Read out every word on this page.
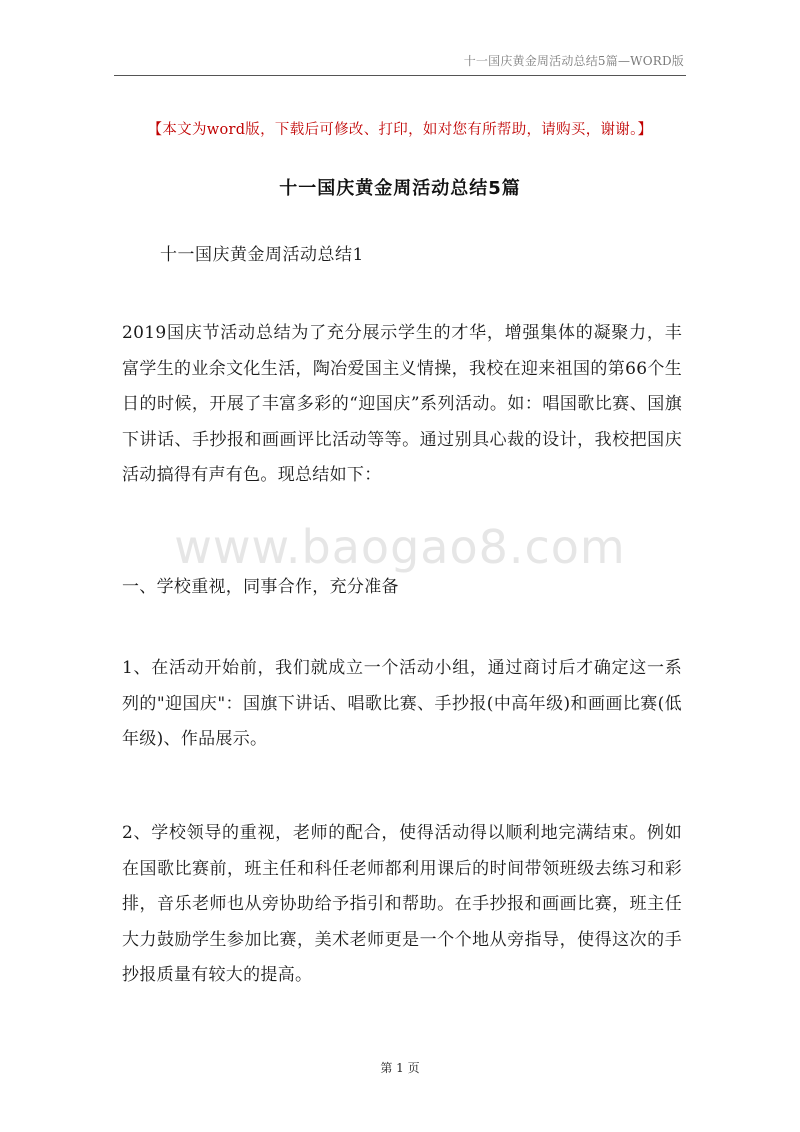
十一国庆黄金周活动总结5篇—WORD版
【本文为word版，下载后可修改、打印，如对您有所帮助，请购买，谢谢。】
十一国庆黄金周活动总结5篇
十一国庆黄金周活动总结1
www.baogao8.com

2019国庆节活动总结为了充分展示学生的才华，增强集体的凝聚力，丰富学生的业余文化生活，陶冶爱国主义情操，我校在迎来祖国的第66个生日的时候，开展了丰富多彩的“迎国庆”系列活动。如：唱国歌比赛、国旗下讲话、手抄报和画画评比活动等等。通过别具心裁的设计，我校把国庆活动搞得有声有色。现总结如下：

一、学校重视，同事合作，充分准备

1、在活动开始前，我们就成立一个活动小组，通过商讨后才确定这一系列的"迎国庆"：国旗下讲话、唱歌比赛、手抄报(中高年级)和画画比赛(低年级)、作品展示。

2、学校领导的重视，老师的配合，使得活动得以顺利地完满结束。例如在国歌比赛前，班主任和科任老师都利用课后的时间带领班级去练习和彩排，音乐老师也从旁协助给予指引和帮助。在手抄报和画画比赛，班主任大力鼓励学生参加比赛，美术老师更是一个个地从旁指导，使得这次的手抄报质量有较大的提高。

第 1 页
